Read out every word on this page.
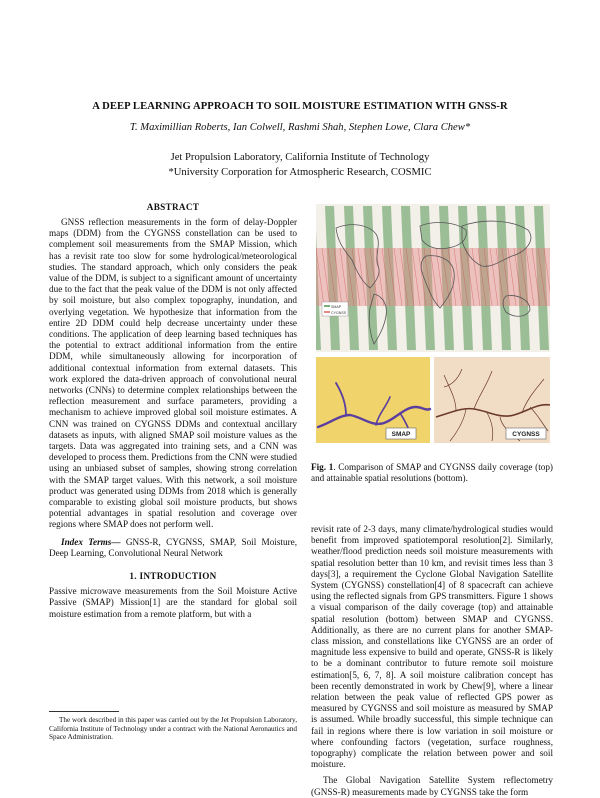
A DEEP LEARNING APPROACH TO SOIL MOISTURE ESTIMATION WITH GNSS-R
T. Maximillian Roberts, Ian Colwell, Rashmi Shah, Stephen Lowe, Clara Chew*
Jet Propulsion Laboratory, California Institute of Technology
*University Corporation for Atmospheric Research, COSMIC
ABSTRACT

GNSS reflection measurements in the form of delay-Doppler maps (DDM) from the CYGNSS constellation can be used to complement soil measurements from the SMAP Mission, which has a revisit rate too slow for some hydrological/meteorological studies. The standard approach, which only considers the peak value of the DDM, is subject to a significant amount of uncertainty due to the fact that the peak value of the DDM is not only affected by soil moisture, but also complex topography, inundation, and overlying vegetation. We hypothesize that information from the entire 2D DDM could help decrease uncertainty under these conditions. The application of deep learning based techniques has the potential to extract additional information from the entire DDM, while simultaneously allowing for incorporation of additional contextual information from external datasets. This work explored the data-driven approach of convolutional neural networks (CNNs) to determine complex relationships between the reflection measurement and surface parameters, providing a mechanism to achieve improved global soil moisture estimates. A CNN was trained on CYGNSS DDMs and contextual ancillary datasets as inputs, with aligned SMAP soil moisture values as the targets. Data was aggregated into training sets, and a CNN was developed to process them. Predictions from the CNN were studied using an unbiased subset of samples, showing strong correlation with the SMAP target values. With this network, a soil moisture product was generated using DDMs from 2018 which is generally comparable to existing global soil moisture products, but shows potential advantages in spatial resolution and coverage over regions where SMAP does not perform well.

Index Terms— GNSS-R, CYGNSS, SMAP, Soil Moisture, Deep Learning, Convolutional Neural Network

1. INTRODUCTION

Passive microwave measurements from the Soil Moisture Active Passive (SMAP) Mission[1] are the standard for global soil moisture estimation from a remote platform, but with a

The work described in this paper was carried out by the Jet Propulsion Laboratory, California Institute of Technology under a contract with the National Aeronautics and Space Administration.
SMAP
CYGNSS
SMAP	CYGNSS
Fig. 1. Comparison of SMAP and CYGNSS daily coverage (top) and attainable spatial resolutions (bottom).

revisit rate of 2-3 days, many climate/hydrological studies would benefit from improved spatiotemporal resolution[2]. Similarly, weather/flood prediction needs soil moisture measurements with spatial resolution better than 10 km, and revisit times less than 3 days[3], a requirement the Cyclone Global Navigation Satellite System (CYGNSS) constellation[4] of 8 spacecraft can achieve using the reflected signals from GPS transmitters. Figure 1 shows a visual comparison of the daily coverage (top) and attainable spatial resolution (bottom) between SMAP and CYGNSS. Additionally, as there are no current plans for another SMAP-class mission, and constellations like CYGNSS are an order of magnitude less expensive to build and operate, GNSS-R is likely to be a dominant contributor to future remote soil moisture estimation[5, 6, 7, 8]. A soil moisture calibration concept has been recently demonstrated in work by Chew[9], where a linear relation between the peak value of reflected GPS power as measured by CYGNSS and soil moisture as measured by SMAP is assumed. While broadly successful, this simple technique can fail in regions where there is low variation in soil moisture or where confounding factors (vegetation, surface roughness, topography) complicate the relation between power and soil moisture.

The Global Navigation Satellite System reflectometry (GNSS-R) measurements made by CYGNSS take the form
